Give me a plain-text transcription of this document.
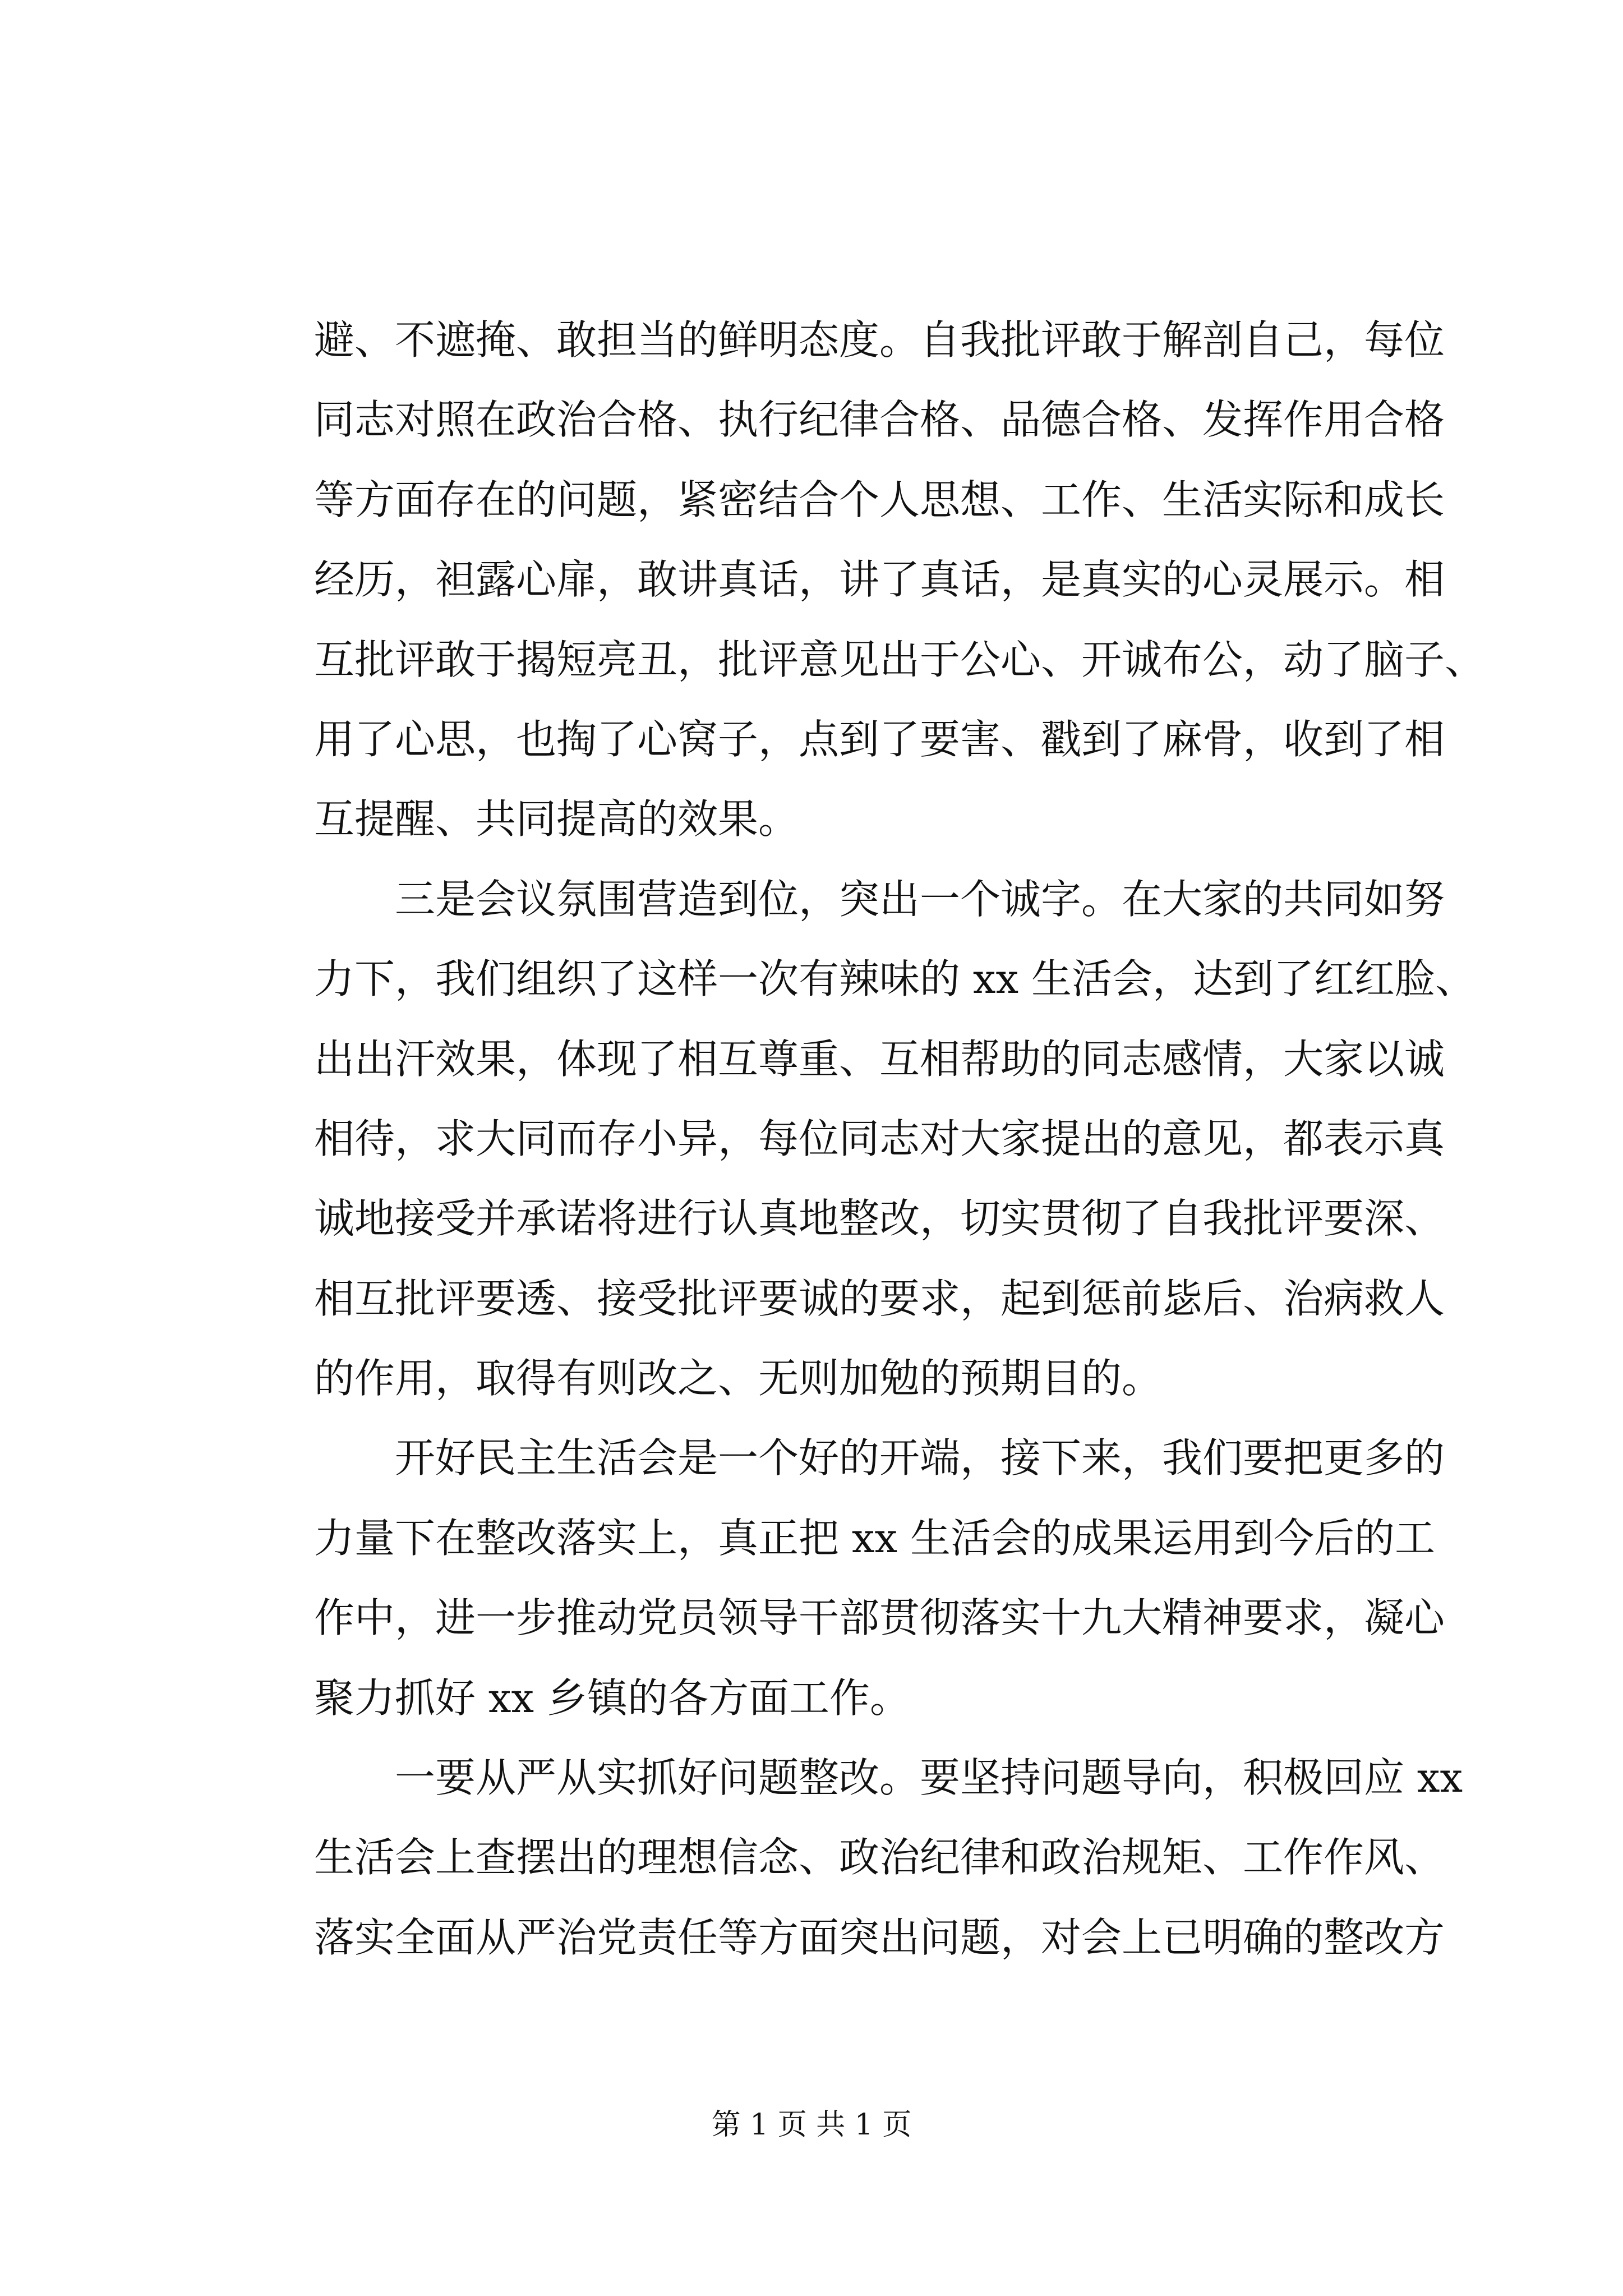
避、不遮掩、敢担当的鲜明态度。自我批评敢于解剖自己，每位
同志对照在政治合格、执行纪律合格、品德合格、发挥作用合格
等方面存在的问题，紧密结合个人思想、工作、生活实际和成长
经历，袒露心扉，敢讲真话，讲了真话，是真实的心灵展示。相
互批评敢于揭短亮丑，批评意见出于公心、开诚布公，动了脑子、
用了心思，也掏了心窝子，点到了要害、戳到了麻骨，收到了相
互提醒、共同提高的效果。
三是会议氛围营造到位，突出一个诚字。在大家的共同如努
力下，我们组织了这样一次有辣味的 xx 生活会，达到了红红脸、
出出汗效果，体现了相互尊重、互相帮助的同志感情，大家以诚
相待，求大同而存小异，每位同志对大家提出的意见，都表示真
诚地接受并承诺将进行认真地整改，切实贯彻了自我批评要深、
相互批评要透、接受批评要诚的要求，起到惩前毖后、治病救人
的作用，取得有则改之、无则加勉的预期目的。
开好民主生活会是一个好的开端，接下来，我们要把更多的
力量下在整改落实上，真正把 xx 生活会的成果运用到今后的工
作中，进一步推动党员领导干部贯彻落实十九大精神要求，凝心
聚力抓好 xx 乡镇的各方面工作。
一要从严从实抓好问题整改。要坚持问题导向，积极回应 xx
生活会上查摆出的理想信念、政治纪律和政治规矩、工作作风、
落实全面从严治党责任等方面突出问题，对会上已明确的整改方
第 1 页 共 1 页
